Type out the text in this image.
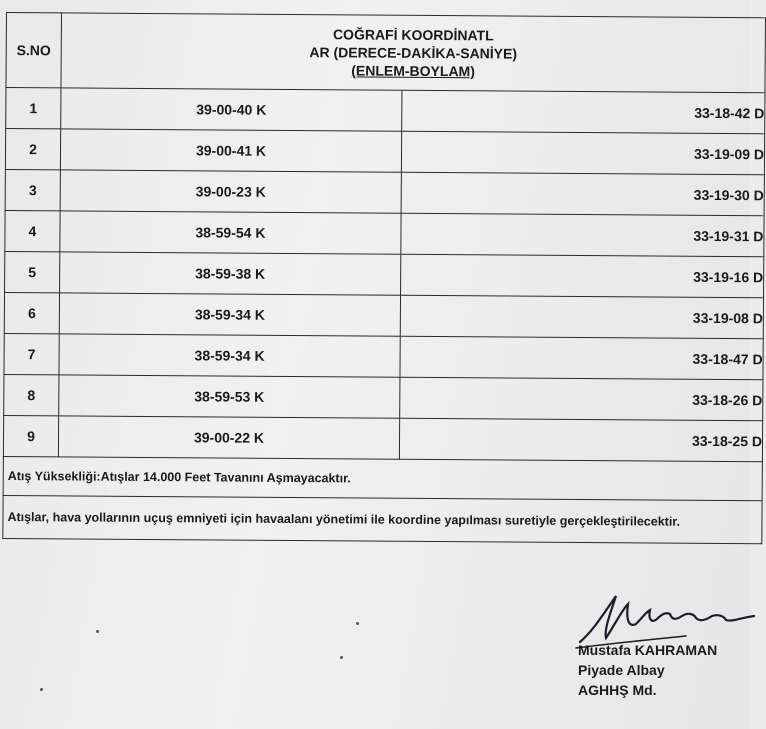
S.NO	COĞRAFİ KOORDİNATL
AR (DERECE-DAKİKA-SANİYE)
(ENLEM-BOYLAM)	

1	39-00-40 K	33-18-42 D
2	39-00-41 K	33-19-09 D
3	39-00-23 K	33-19-30 D
4	38-59-54 K	33-19-31 D
5	38-59-38 K	33-19-16 D
6	38-59-34 K	33-19-08 D
7	38-59-34 K	33-18-47 D
8	38-59-53 K	33-18-26 D
9	39-00-22 K	33-18-25 D
Atış Yüksekliği:Atışlar 14.000 Feet Tavanını Aşmayacaktır.		
Atışlar, hava yollarının uçuş emniyeti için havaalanı yönetimi ile koordine yapılması suretiyle gerçekleştirilecektir.		
Mustafa KAHRAMAN
Piyade Albay
AGHHŞ Md.
